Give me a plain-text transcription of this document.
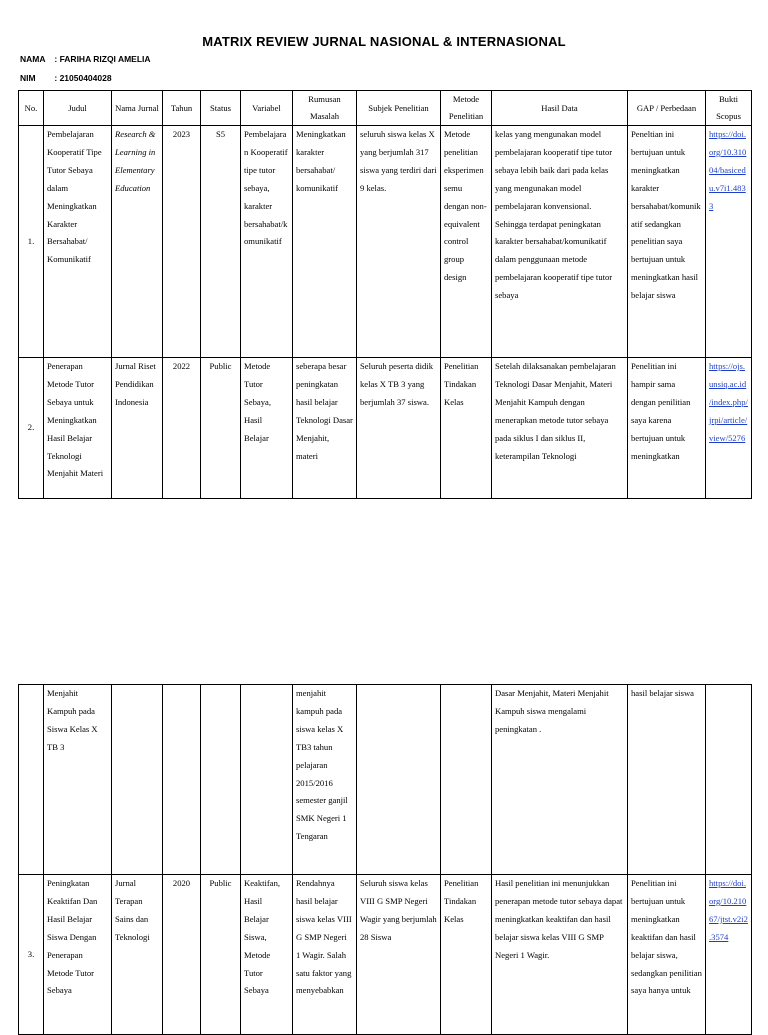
MATRIX REVIEW JURNAL NASIONAL & INTERNASIONAL
NAMA : FARIHA RIZQI AMELIA
NIM : 21050404028
No.	Judul	Nama Jurnal	Tahun	Status	Variabel	Rumusan Masalah	Subjek Penelitian	Metode Penelitian	Hasil Data	GAP / Perbedaan	Bukti Scopus
1.	Pembelajaran Kooperatif Tipe Tutor Sebaya dalam Meningkatkan Karakter Bersahabat/ Komunikatif	Research & Learning in Elementary Education	2023	S5	Pembelajaran Kooperatif tipe tutor sebaya, karakter bersahabat/komunikatif	Meningkatkan karakter bersahabat/ komunikatif	seluruh siswa kelas X yang berjumlah 317 siswa yang terdiri dari 9 kelas.	Metode penelitian eksperimen semu dengan non-equivalent control group design	kelas yang mengunakan model pembelajaran kooperatif tipe tutor sebaya lebih baik dari pada kelas yang mengunakan model pembelajaran konvensional. Sehingga terdapat peningkatan karakter bersahabat/komunikatif dalam penggunaan metode pembelajaran kooperatif tipe tutor sebaya	Peneltian ini bertujuan untuk meningkatkan karakter bersahabat/komunikatif sedangkan penelitian saya bertujuan untuk meningkatkan hasil belajar siswa	https://doi.org/10.31004/basicedu.v7i1.4833
2.	Penerapan Metode Tutor Sebaya untuk Meningkatkan Hasil Belajar Teknologi Menjahit Materi	Jurnal Riset Pendidikan Indonesia	2022	Public	Metode Tutor Sebaya, Hasil Belajar	seberapa besar peningkatan hasil belajar Teknologi Dasar Menjahit, materi	Seluruh peserta didik kelas X TB 3 yang berjumlah 37 siswa.	Penelitian Tindakan Kelas	Setelah dilaksanakan pembelajaran Teknologi Dasar Menjahit, Materi Menjahit Kampuh dengan menerapkan metode tutor sebaya pada siklus I dan siklus II, keterampilan Teknologi	Penelitian ini hampir sama dengan penilitian saya karena bertujuan untuk meningkatkan	https://ojs.unsiq.ac.id/index.php/jrpi/article/view/5276
	Menjahit Kampuh pada Siswa Kelas X TB 3					menjahit kampuh pada siswa kelas X TB3 tahun pelajaran 2015/2016 semester ganjil SMK Negeri 1 Tengaran			Dasar Menjahit, Materi Menjahit Kampuh siswa mengalami peningkatan .	hasil belajar siswa	
3.	Peningkatan Keaktifan Dan Hasil Belajar Siswa Dengan Penerapan Metode Tutor Sebaya	Jurnal Terapan Sains dan Teknologi	2020	Public	Keaktifan, Hasil Belajar Siswa, Metode Tutor Sebaya	Rendahnya hasil belajar siswa kelas VIII G SMP Negeri 1 Wagir. Salah satu faktor yang menyebabkan	Seluruh siswa kelas VIII G SMP Negeri Wagir yang berjumlah 28 Siswa	Penelitian Tindakan Kelas	Hasil penelitian ini menunjukkan penerapan metode tutor sebaya dapat meningkatkan keaktifan dan hasil belajar siswa kelas VIII G SMP Negeri 1 Wagir.	Penelitian ini bertujuan untuk meningkatkan keaktifan dan hasil belajar siswa, sedangkan penilitian saya hanya untuk	https://doi.org/10.21067/jtst.v2i2.3574
